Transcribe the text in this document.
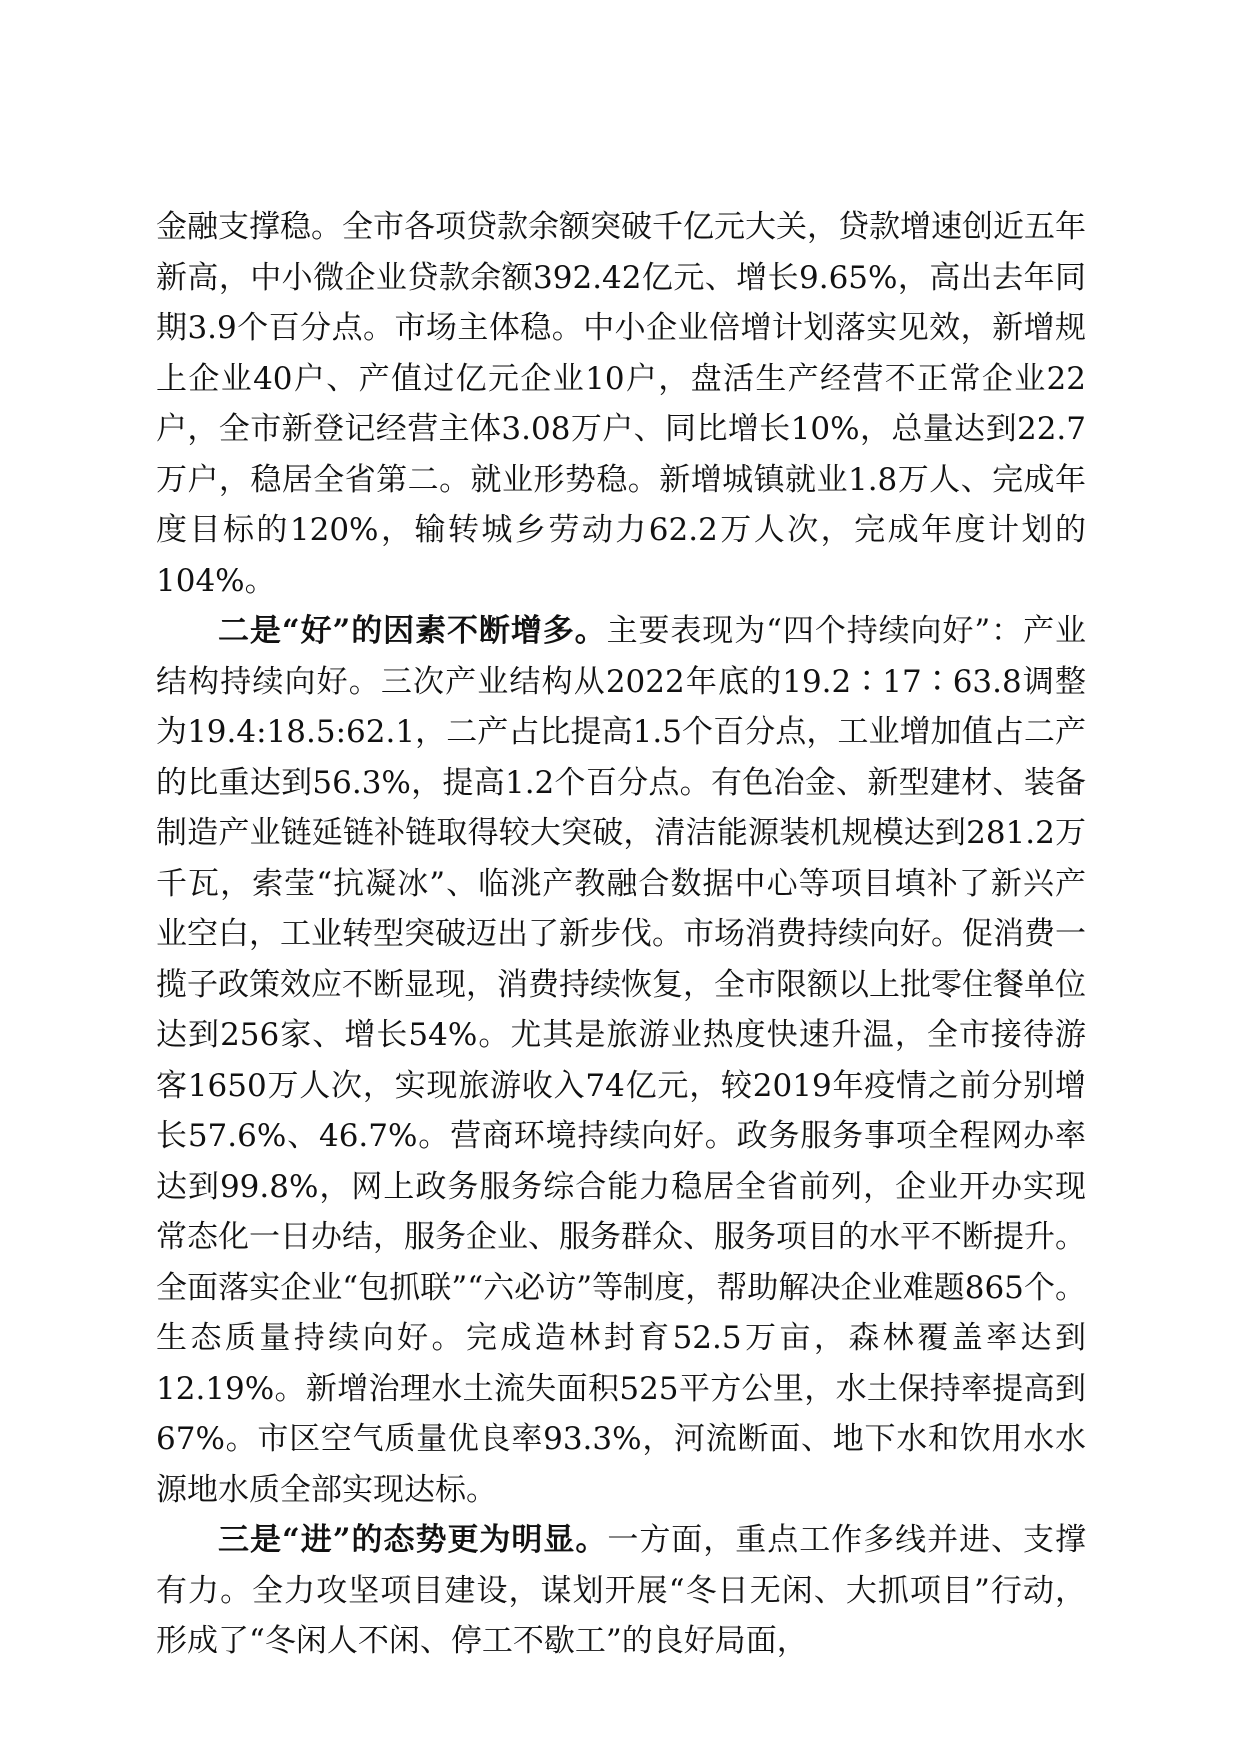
金融支撑稳。全市各项贷款余额突破千亿元大关，贷款增速创近五年新高，中小微企业贷款余额392.42亿元、增长9.65%，高出去年同期3.9个百分点。市场主体稳。中小企业倍增计划落实见效，新增规上企业40户、产值过亿元企业10户，盘活生产经营不正常企业22户，全市新登记经营主体3.08万户、同比增长10%，总量达到22.7万户，稳居全省第二。就业形势稳。新增城镇就业1.8万人、完成年度目标的120%，输转城乡劳动力62.2万人次，完成年度计划的104%。

二是“好”的因素不断增多。主要表现为“四个持续向好”：产业结构持续向好。三次产业结构从2022年底的19.2∶17∶63.8调整为19.4:18.5:62.1，二产占比提高1.5个百分点，工业增加值占二产的比重达到56.3%，提高1.2个百分点。有色冶金、新型建材、装备制造产业链延链补链取得较大突破，清洁能源装机规模达到281.2万千瓦，索莹“抗凝冰”、临洮产教融合数据中心等项目填补了新兴产业空白，工业转型突破迈出了新步伐。市场消费持续向好。促消费一揽子政策效应不断显现，消费持续恢复，全市限额以上批零住餐单位达到256家、增长54%。尤其是旅游业热度快速升温，全市接待游客1650万人次，实现旅游收入74亿元，较2019年疫情之前分别增长57.6%、46.7%。营商环境持续向好。政务服务事项全程网办率达到99.8%，网上政务服务综合能力稳居全省前列，企业开办实现常态化一日办结，服务企业、服务群众、服务项目的水平不断提升。全面落实企业“包抓联”“六必访”等制度，帮助解决企业难题865个。生态质量持续向好。完成造林封育52.5万亩，森林覆盖率达到12.19%。新增治理水土流失面积525平方公里，水土保持率提高到67%。市区空气质量优良率93.3%，河流断面、地下水和饮用水水源地水质全部实现达标。

三是“进”的态势更为明显。一方面，重点工作多线并进、支撑有力。全力攻坚项目建设，谋划开展“冬日无闲、大抓项目”行动，形成了“冬闲人不闲、停工不歇工”的良好局面，
